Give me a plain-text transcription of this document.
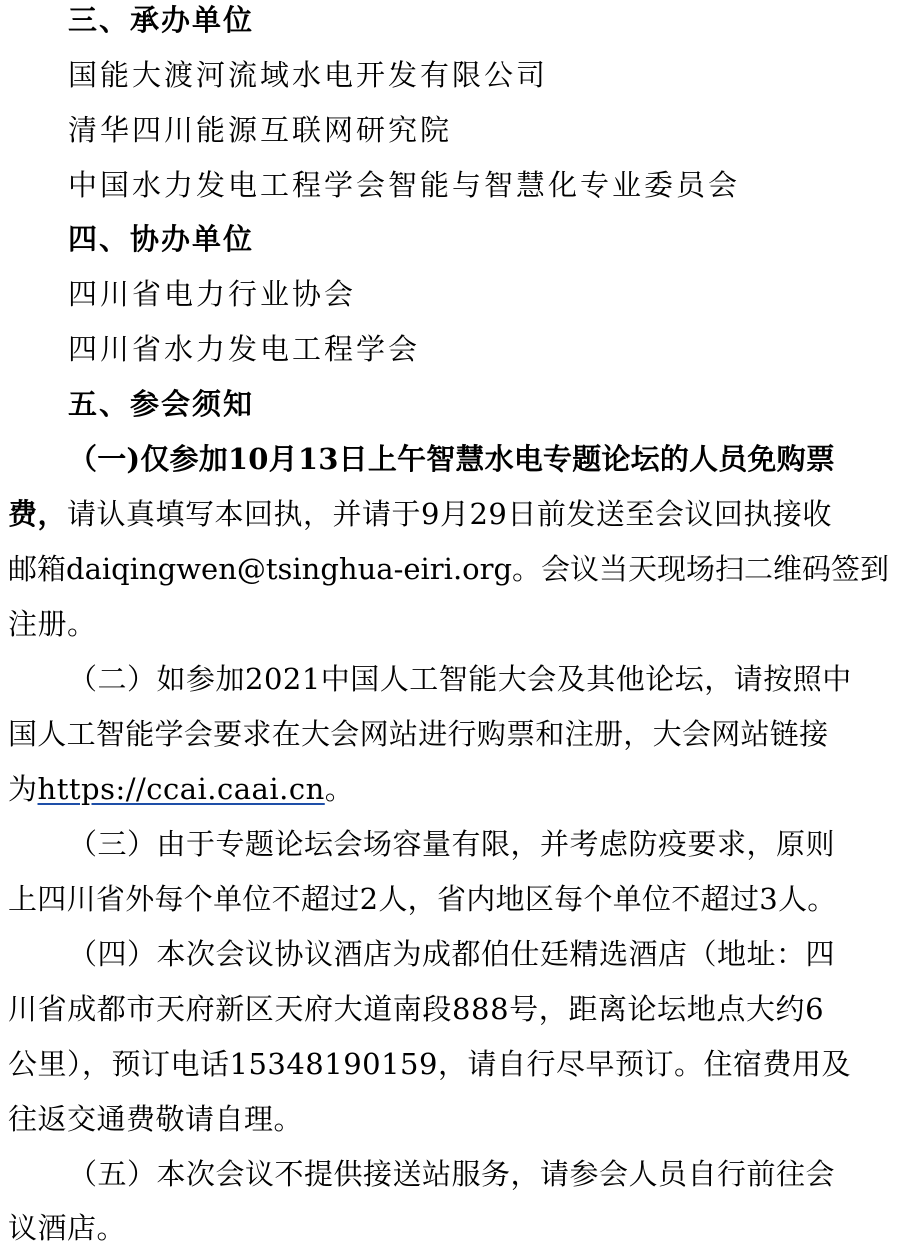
三、承办单位
国能大渡河流域水电开发有限公司
清华四川能源互联网研究院
中国水力发电工程学会智能与智慧化专业委员会
四、协办单位
四川省电力行业协会
四川省水力发电工程学会
五、参会须知
（一)仅参加10月13日上午智慧水电专题论坛的人员免购票
费，请认真填写本回执，并请于9月29日前发送至会议回执接收
邮箱daiqingwen@tsinghua-eiri.org。会议当天现场扫二维码签到
注册。
（二）如参加2021中国人工智能大会及其他论坛，请按照中
国人工智能学会要求在大会网站进行购票和注册，大会网站链接
为https://ccai.caai.cn。
（三）由于专题论坛会场容量有限，并考虑防疫要求，原则
上四川省外每个单位不超过2人，省内地区每个单位不超过3人。
（四）本次会议协议酒店为成都伯仕廷精选酒店（地址：四
川省成都市天府新区天府大道南段888号，距离论坛地点大约6
公里），预订电话15348190159，请自行尽早预订。住宿费用及
往返交通费敬请自理。
（五）本次会议不提供接送站服务，请参会人员自行前往会
议酒店。
